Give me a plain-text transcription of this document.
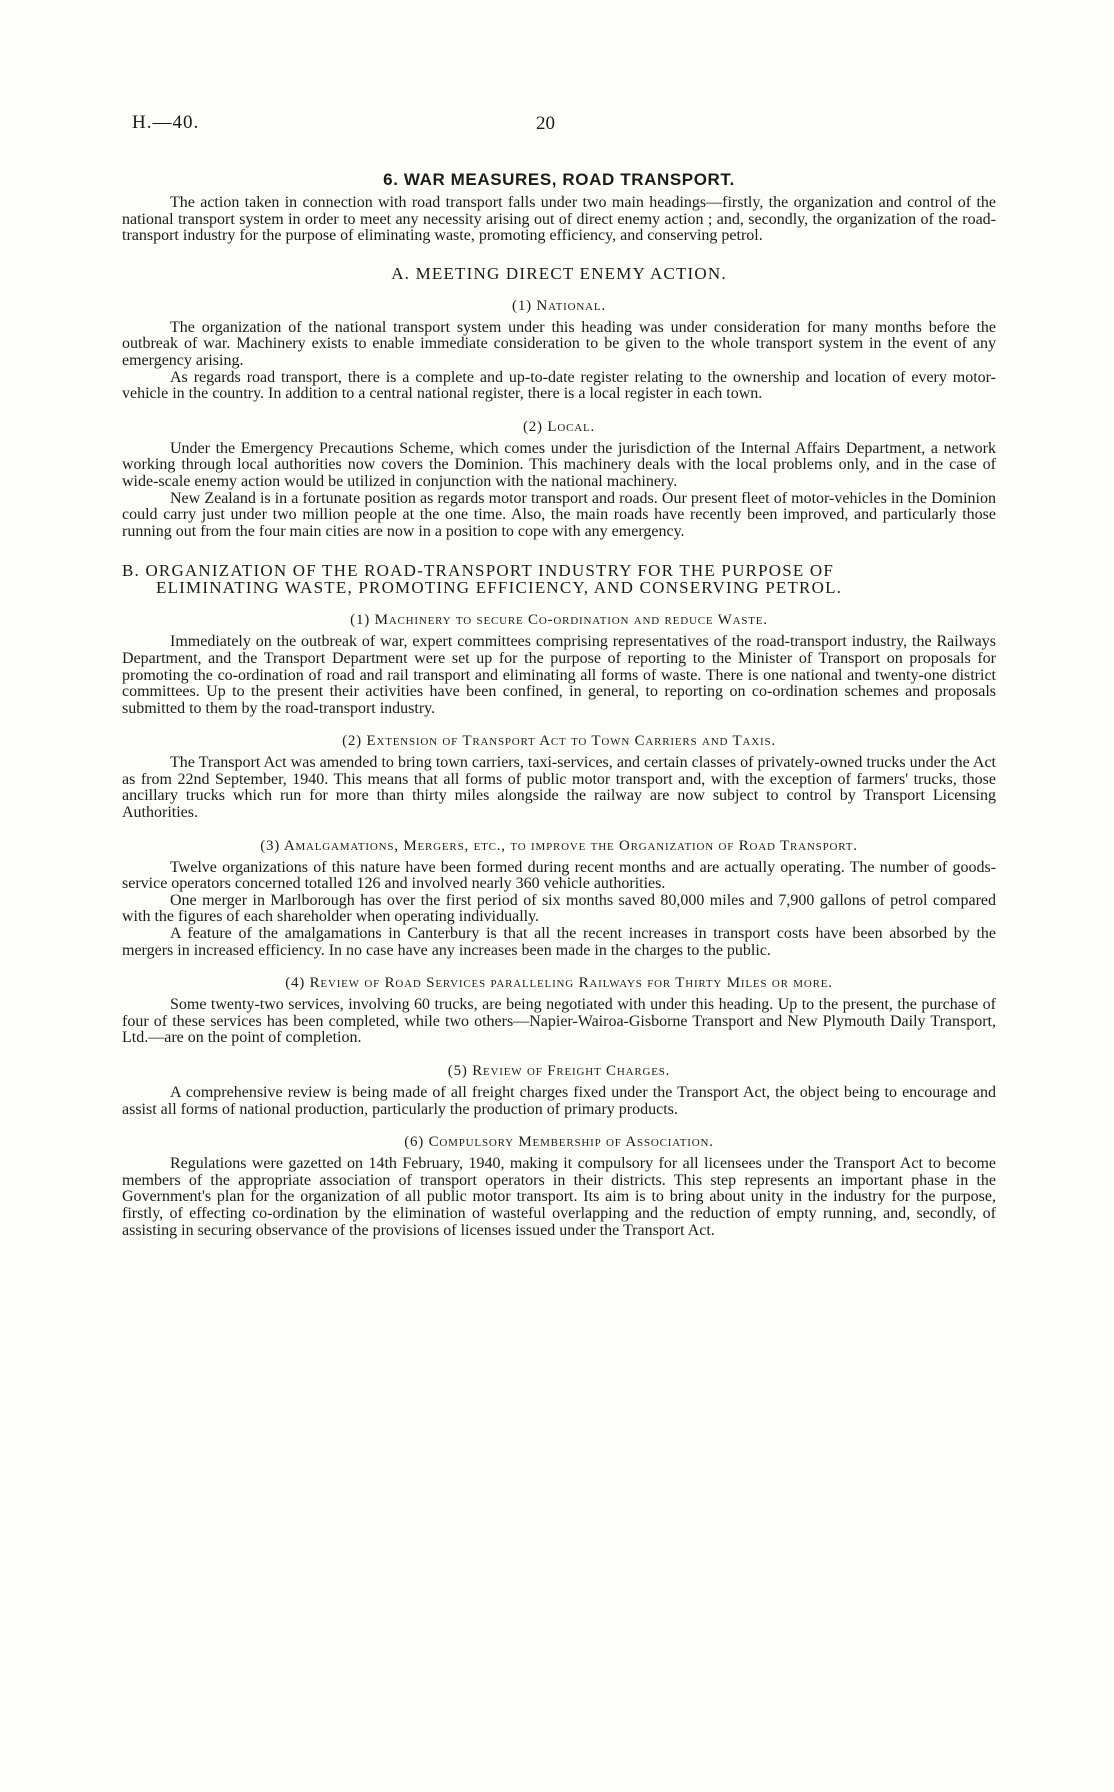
H.—40.	20
6. WAR MEASURES, ROAD TRANSPORT.

The action taken in connection with road transport falls under two main headings—firstly, the organization and control of the national transport system in order to meet any necessity arising out of direct enemy action ; and, secondly, the organization of the road-transport industry for the purpose of eliminating waste, promoting efficiency, and conserving petrol.

A. MEETING DIRECT ENEMY ACTION.
(1) National.

The organization of the national transport system under this heading was under consideration for many months before the outbreak of war. Machinery exists to enable immediate consideration to be given to the whole transport system in the event of any emergency arising.

As regards road transport, there is a complete and up-to-date register relating to the ownership and location of every motor-vehicle in the country. In addition to a central national register, there is a local register in each town.

(2) Local.

Under the Emergency Precautions Scheme, which comes under the jurisdiction of the Internal Affairs Department, a network working through local authorities now covers the Dominion. This machinery deals with the local problems only, and in the case of wide-scale enemy action would be utilized in conjunction with the national machinery.

New Zealand is in a fortunate position as regards motor transport and roads. Our present fleet of motor-vehicles in the Dominion could carry just under two million people at the one time. Also, the main roads have recently been improved, and particularly those running out from the four main cities are now in a position to cope with any emergency.

B. ORGANIZATION OF THE ROAD-TRANSPORT INDUSTRY FOR THE PURPOSE OF
ELIMINATING WASTE, PROMOTING EFFICIENCY, AND CONSERVING PETROL.
(1) Machinery to secure Co-ordination and reduce Waste.

Immediately on the outbreak of war, expert committees comprising representatives of the road-transport industry, the Railways Department, and the Transport Department were set up for the purpose of reporting to the Minister of Transport on proposals for promoting the co-ordination of road and rail transport and eliminating all forms of waste. There is one national and twenty-one district committees. Up to the present their activities have been confined, in general, to reporting on co-ordination schemes and proposals submitted to them by the road-transport industry.

(2) Extension of Transport Act to Town Carriers and Taxis.

The Transport Act was amended to bring town carriers, taxi-services, and certain classes of privately-owned trucks under the Act as from 22nd September, 1940. This means that all forms of public motor transport and, with the exception of farmers' trucks, those ancillary trucks which run for more than thirty miles alongside the railway are now subject to control by Transport Licensing Authorities.

(3) Amalgamations, Mergers, etc., to improve the Organization of Road Transport.

Twelve organizations of this nature have been formed during recent months and are actually operating. The number of goods-service operators concerned totalled 126 and involved nearly 360 vehicle authorities.

One merger in Marlborough has over the first period of six months saved 80,000 miles and 7,900 gallons of petrol compared with the figures of each shareholder when operating individually.

A feature of the amalgamations in Canterbury is that all the recent increases in transport costs have been absorbed by the mergers in increased efficiency. In no case have any increases been made in the charges to the public.

(4) Review of Road Services paralleling Railways for Thirty Miles or more.

Some twenty-two services, involving 60 trucks, are being negotiated with under this heading. Up to the present, the purchase of four of these services has been completed, while two others—Napier-Wairoa-Gisborne Transport and New Plymouth Daily Transport, Ltd.—are on the point of completion.

(5) Review of Freight Charges.

A comprehensive review is being made of all freight charges fixed under the Transport Act, the object being to encourage and assist all forms of national production, particularly the production of primary products.

(6) Compulsory Membership of Association.

Regulations were gazetted on 14th February, 1940, making it compulsory for all licensees under the Transport Act to become members of the appropriate association of transport operators in their districts. This step represents an important phase in the Government's plan for the organization of all public motor transport. Its aim is to bring about unity in the industry for the purpose, firstly, of effecting co-ordination by the elimination of wasteful overlapping and the reduction of empty running, and, secondly, of assisting in securing observance of the provisions of licenses issued under the Transport Act.
